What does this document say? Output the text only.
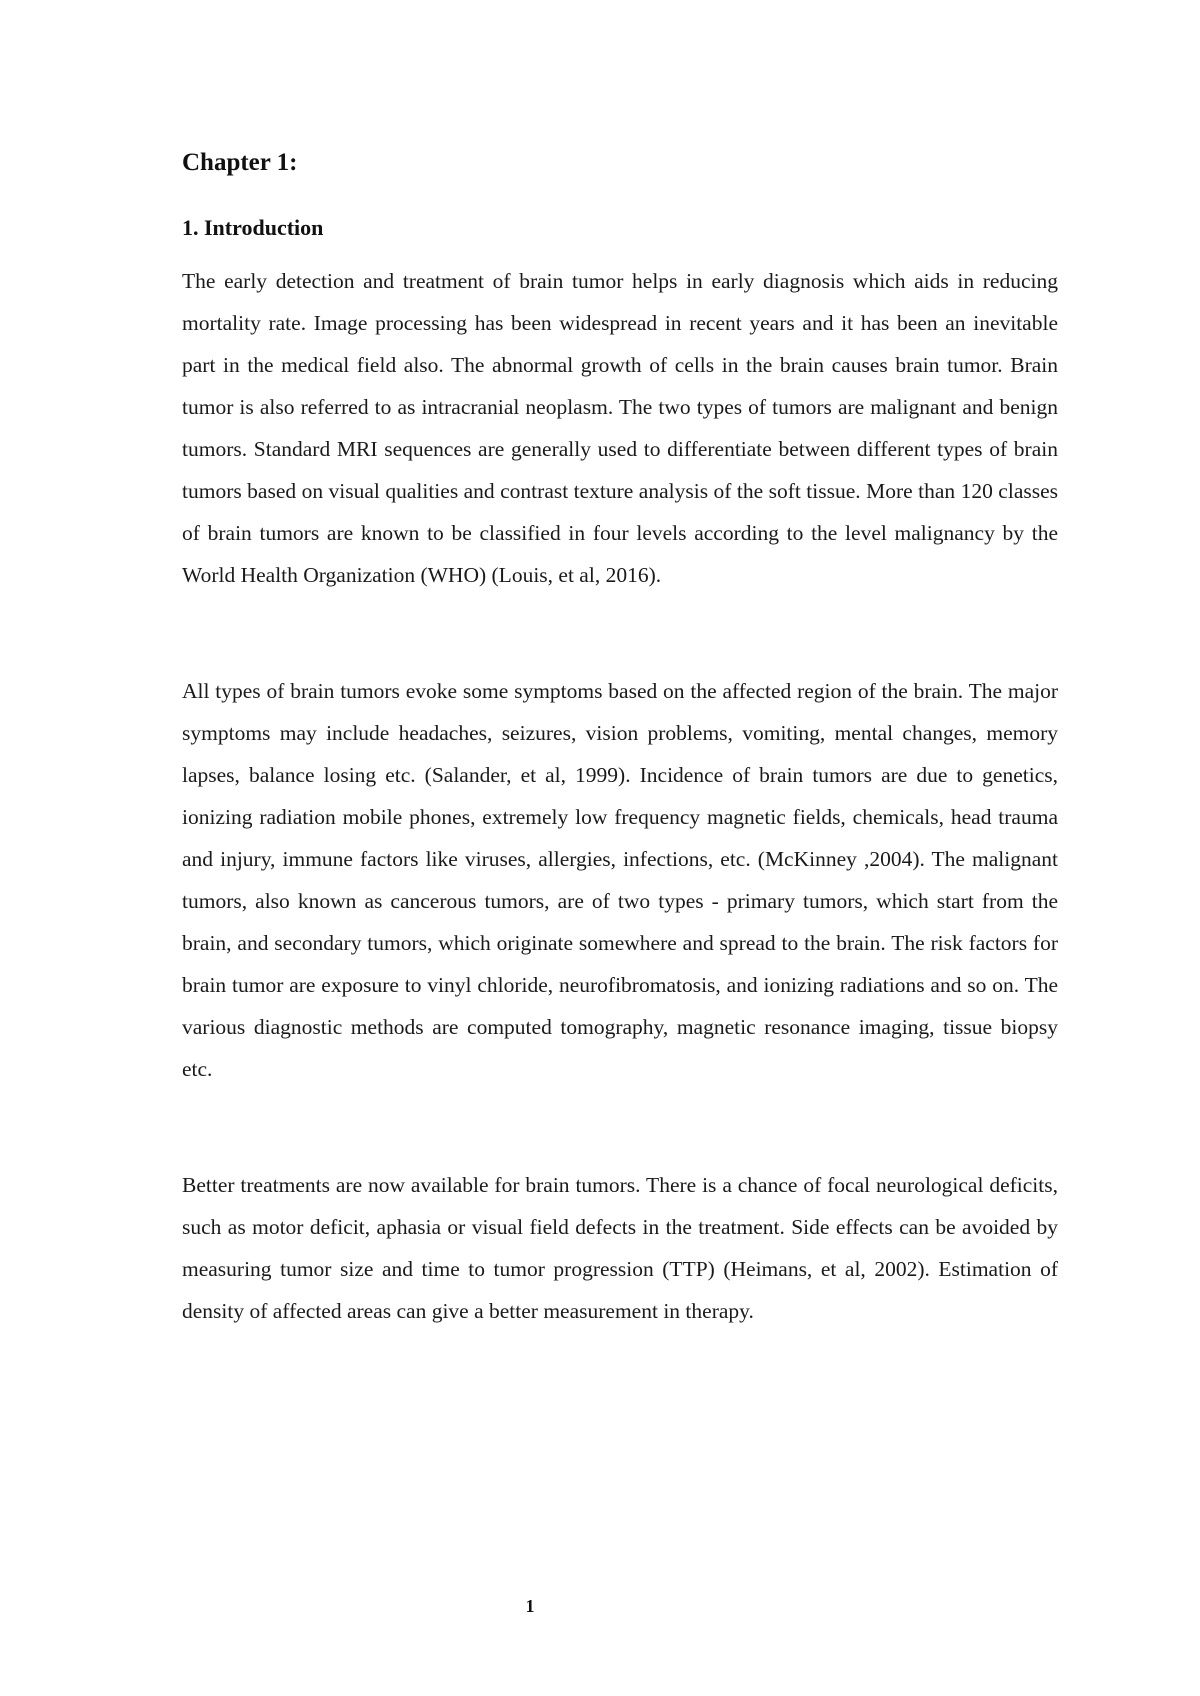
Chapter 1:
1. Introduction

The early detection and treatment of brain tumor helps in early diagnosis which aids in reducing mortality rate. Image processing has been widespread in recent years and it has been an inevitable part in the medical field also. The abnormal growth of cells in the brain causes brain tumor. Brain tumor is also referred to as intracranial neoplasm. The two types of tumors are malignant and benign tumors. Standard MRI sequences are generally used to differentiate between different types of brain tumors based on visual qualities and contrast texture analysis of the soft tissue. More than 120 classes of brain tumors are known to be classified in four levels according to the level malignancy by the World Health Organization (WHO) (Louis, et al, 2016).

All types of brain tumors evoke some symptoms based on the affected region of the brain. The major symptoms may include headaches, seizures, vision problems, vomiting, mental changes, memory lapses, balance losing etc. (Salander, et al, 1999). Incidence of brain tumors are due to genetics, ionizing radiation mobile phones, extremely low frequency magnetic fields, chemicals, head trauma and injury, immune factors like viruses, allergies, infections, etc. (McKinney ,2004). The malignant tumors, also known as cancerous tumors, are of two types - primary tumors, which start from the brain, and secondary tumors, which originate somewhere and spread to the brain. The risk factors for brain tumor are exposure to vinyl chloride, neurofibromatosis, and ionizing radiations and so on. The various diagnostic methods are computed tomography, magnetic resonance imaging, tissue biopsy etc.

Better treatments are now available for brain tumors. There is a chance of focal neurological deficits, such as motor deficit, aphasia or visual field defects in the treatment. Side effects can be avoided by measuring tumor size and time to tumor progression (TTP) (Heimans, et al, 2002). Estimation of density of affected areas can give a better measurement in therapy.

1
